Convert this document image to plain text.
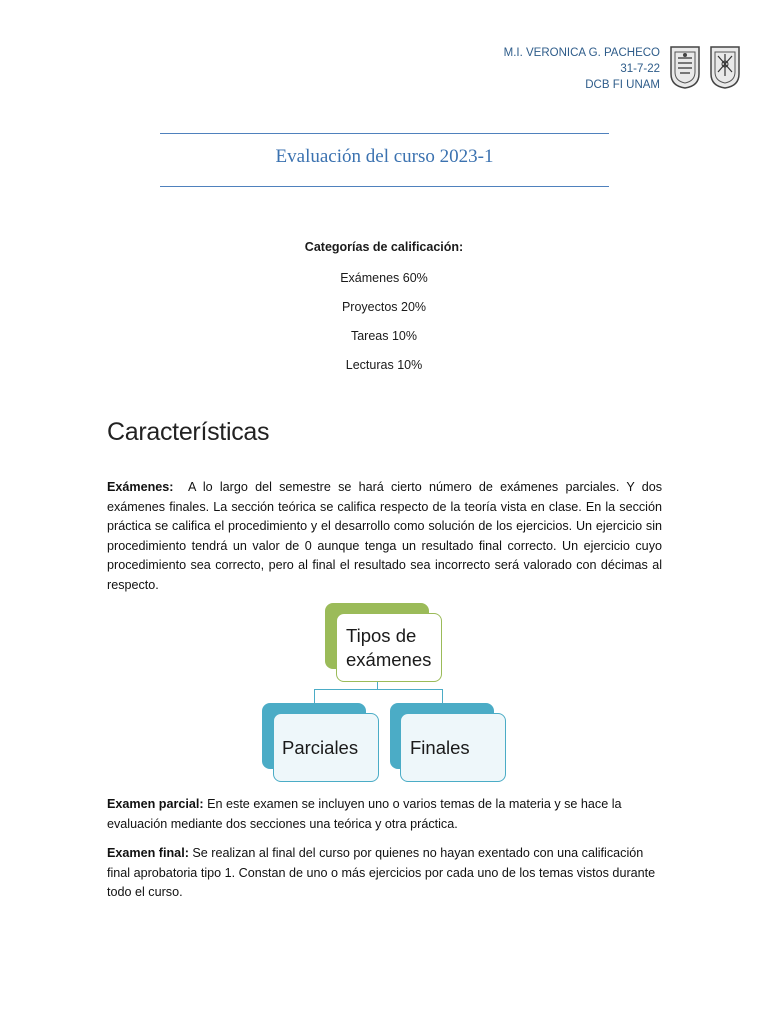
M.I. VERONICA G. PACHECO
31-7-22
DCB FI UNAM
Evaluación del curso 2023-1
Categorías de calificación:
Exámenes 60%
Proyectos 20%
Tareas 10%
Lecturas 10%
Características
Exámenes: A lo largo del semestre se hará cierto número de exámenes parciales. Y dos exámenes finales. La sección teórica se califica respecto de la teoría vista en clase. En la sección práctica se califica el procedimiento y el desarrollo como solución de los ejercicios. Un ejercicio sin procedimiento tendrá un valor de 0 aunque tenga un resultado final correcto. Un ejercicio cuyo procedimiento sea correcto, pero al final el resultado sea incorrecto será valorado con décimas al respecto.
Tipos de exámenes
Parciales	Finales
Examen parcial: En este examen se incluyen uno o varios temas de la materia y se hace la evaluación mediante dos secciones una teórica y otra práctica.
Examen final: Se realizan al final del curso por quienes no hayan exentado con una calificación final aprobatoria tipo 1. Constan de uno o más ejercicios por cada uno de los temas vistos durante todo el curso.
